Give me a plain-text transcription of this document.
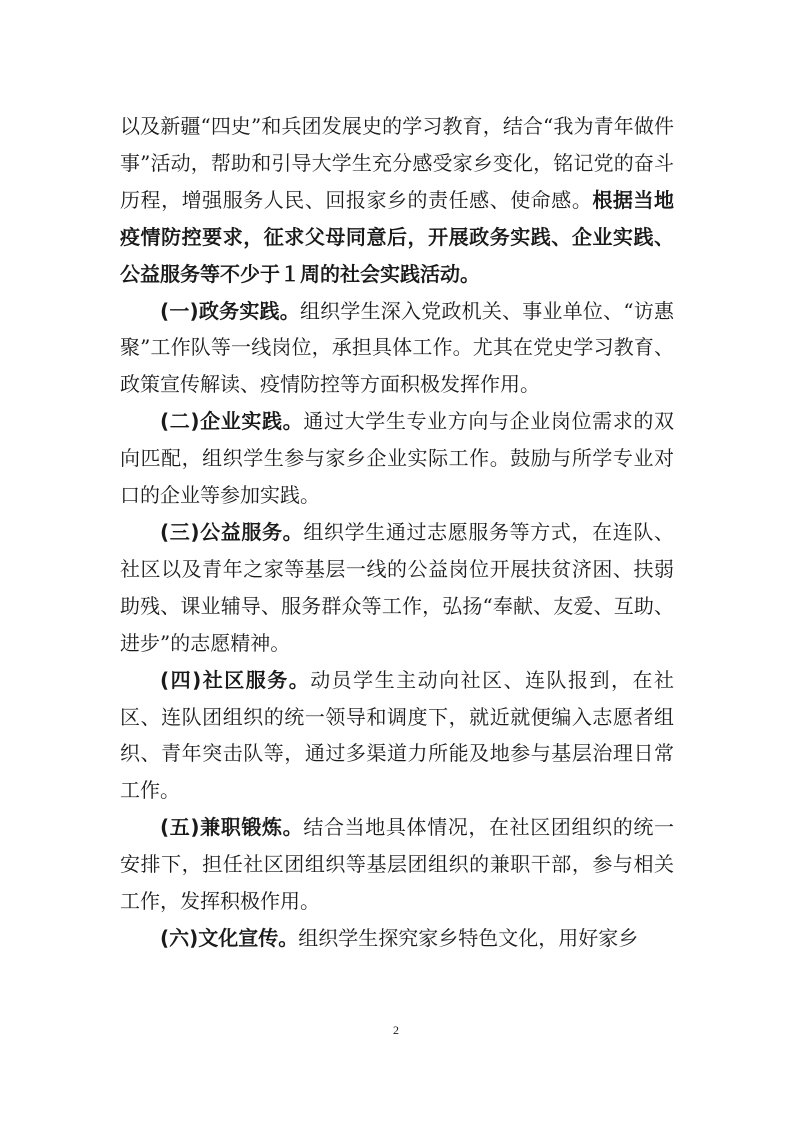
以及新疆“四史”和兵团发展史的学习教育，结合“我为青年做件事”活动，帮助和引导大学生充分感受家乡变化，铭记党的奋斗历程，增强服务人民、回报家乡的责任感、使命感。根据当地疫情防控要求，征求父母同意后，开展政务实践、企业实践、公益服务等不少于１周的社会实践活动。

(一)政务实践。组织学生深入党政机关、事业单位、“访惠聚”工作队等一线岗位，承担具体工作。尤其在党史学习教育、政策宣传解读、疫情防控等方面积极发挥作用。

(二)企业实践。通过大学生专业方向与企业岗位需求的双向匹配，组织学生参与家乡企业实际工作。鼓励与所学专业对口的企业等参加实践。

(三)公益服务。组织学生通过志愿服务等方式，在连队、社区以及青年之家等基层一线的公益岗位开展扶贫济困、扶弱助残、课业辅导、服务群众等工作，弘扬“奉献、友爱、互助、进步”的志愿精神。

(四)社区服务。动员学生主动向社区、连队报到，在社区、连队团组织的统一领导和调度下，就近就便编入志愿者组织、青年突击队等，通过多渠道力所能及地参与基层治理日常工作。

(五)兼职锻炼。结合当地具体情况，在社区团组织的统一安排下，担任社区团组织等基层团组织的兼职干部，参与相关工作，发挥积极作用。

(六)文化宣传。组织学生探究家乡特色文化，用好家乡

2
